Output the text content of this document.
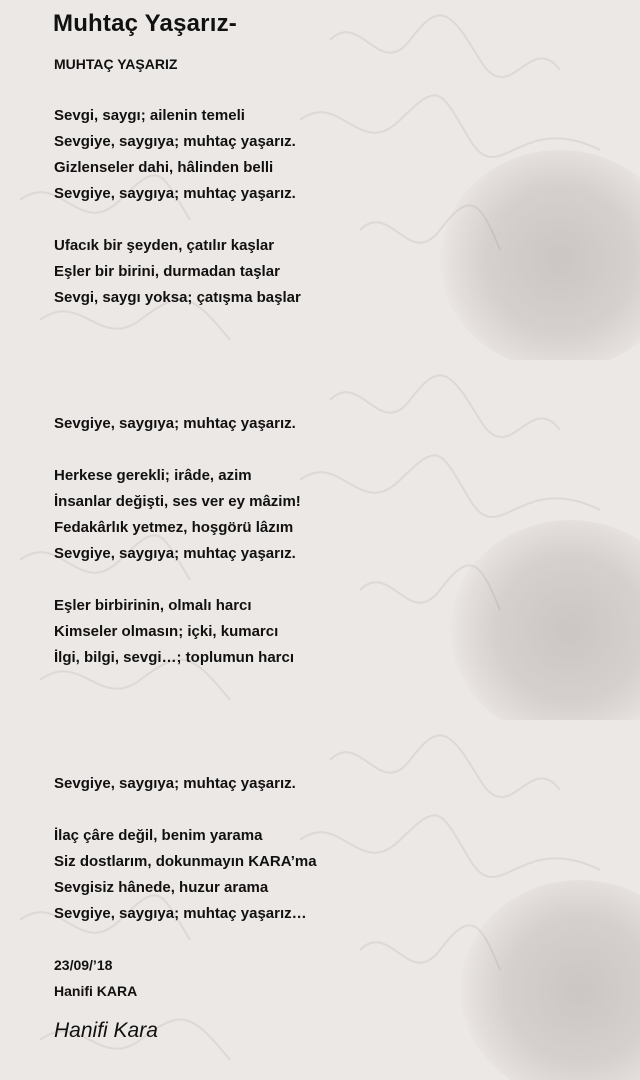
Muhtaç Yaşarız-

MUHTAÇ YAŞARIZ

Sevgi, saygı; ailenin temeli

Sevgiye, saygıya; muhtaç yaşarız.

Gizlenseler dahi, hâlinden belli

Sevgiye, saygıya; muhtaç yaşarız.

Ufacık bir şeyden, çatılır kaşlar

Eşler bir birini, durmadan taşlar

Sevgi, saygı yoksa; çatışma başlar

Sevgiye, saygıya; muhtaç yaşarız.

Herkese gerekli; irâde, azim

İnsanlar değişti, ses ver ey mâzim!

Fedakârlık yetmez, hoşgörü lâzım

Sevgiye, saygıya; muhtaç yaşarız.

Eşler birbirinin, olmalı harcı

Kimseler olmasın; içki, kumarcı

İlgi, bilgi, sevgi…; toplumun harcı

Sevgiye, saygıya; muhtaç yaşarız.

İlaç çâre değil, benim yarama

Siz dostlarım, dokunmayın KARA’ma

Sevgisiz hânede, huzur arama

Sevgiye, saygıya; muhtaç yaşarız…

23/09/’18

Hanifi KARA

Hanifi Kara
